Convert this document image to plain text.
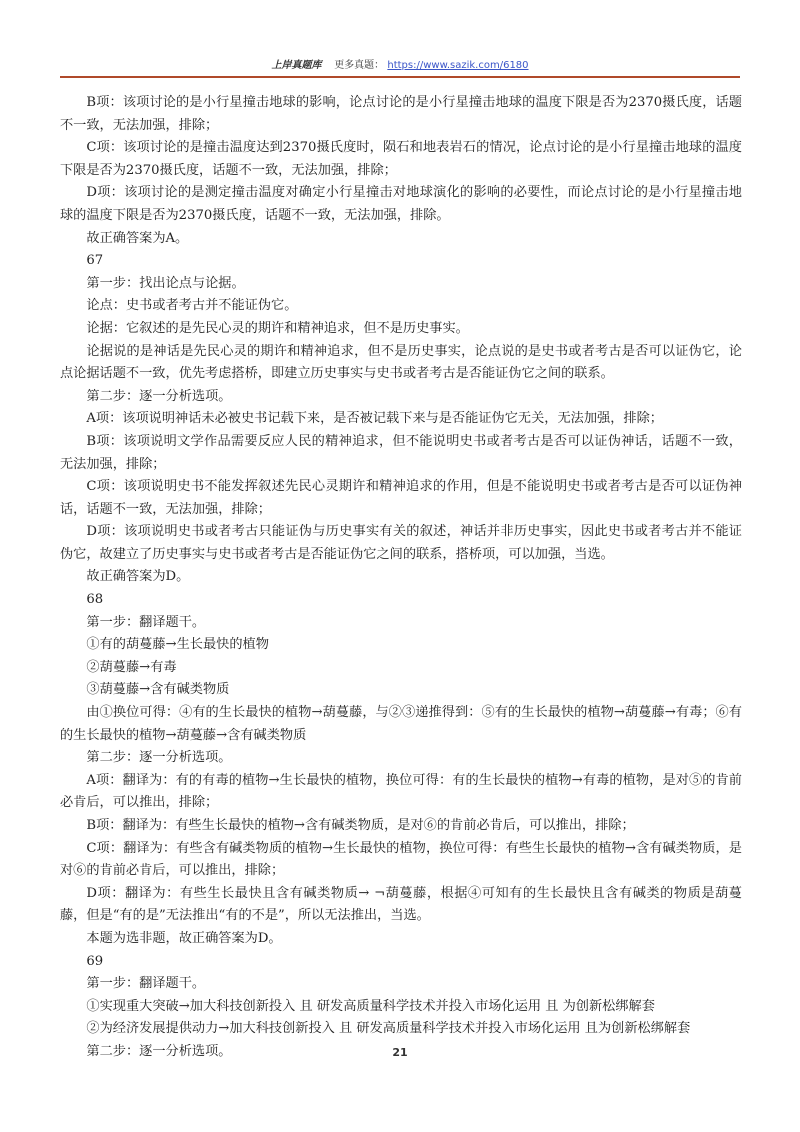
上岸真题库 更多真题： https://www.sazik.com/6180

B项：该项讨论的是小行星撞击地球的影响，论点讨论的是小行星撞击地球的温度下限是否为2370摄氏度，话题不一致，无法加强，排除；

C项：该项讨论的是撞击温度达到2370摄氏度时，陨石和地表岩石的情况，论点讨论的是小行星撞击地球的温度下限是否为2370摄氏度，话题不一致，无法加强，排除；

D项：该项讨论的是测定撞击温度对确定小行星撞击对地球演化的影响的必要性，而论点讨论的是小行星撞击地球的温度下限是否为2370摄氏度，话题不一致，无法加强，排除。

故正确答案为A。

67

第一步：找出论点与论据。

论点：史书或者考古并不能证伪它。

论据：它叙述的是先民心灵的期许和精神追求，但不是历史事实。

论据说的是神话是先民心灵的期许和精神追求，但不是历史事实，论点说的是史书或者考古是否可以证伪它，论点论据话题不一致，优先考虑搭桥，即建立历史事实与史书或者考古是否能证伪它之间的联系。

第二步：逐一分析选项。

A项：该项说明神话未必被史书记载下来，是否被记载下来与是否能证伪它无关，无法加强，排除；

B项：该项说明文学作品需要反应人民的精神追求，但不能说明史书或者考古是否可以证伪神话，话题不一致，无法加强，排除；

C项：该项说明史书不能发挥叙述先民心灵期许和精神追求的作用，但是不能说明史书或者考古是否可以证伪神话，话题不一致，无法加强，排除；

D项：该项说明史书或者考古只能证伪与历史事实有关的叙述，神话并非历史事实，因此史书或者考古并不能证伪它，故建立了历史事实与史书或者考古是否能证伪它之间的联系，搭桥项，可以加强，当选。

故正确答案为D。

68

第一步：翻译题干。

①有的葫蔓藤→生长最快的植物

②葫蔓藤→有毒

③葫蔓藤→含有碱类物质

由①换位可得：④有的生长最快的植物→葫蔓藤，与②③递推得到：⑤有的生长最快的植物→葫蔓藤→有毒；⑥有的生长最快的植物→葫蔓藤→含有碱类物质

第二步：逐一分析选项。

A项：翻译为：有的有毒的植物→生长最快的植物，换位可得：有的生长最快的植物→有毒的植物，是对⑤的肯前必肯后，可以推出，排除；

B项：翻译为：有些生长最快的植物→含有碱类物质，是对⑥的肯前必肯后，可以推出，排除；

C项：翻译为：有些含有碱类物质的植物→生长最快的植物，换位可得：有些生长最快的植物→含有碱类物质，是对⑥的肯前必肯后，可以推出，排除；

D项：翻译为：有些生长最快且含有碱类物质→ ¬葫蔓藤，根据④可知有的生长最快且含有碱类的物质是葫蔓藤，但是“有的是”无法推出“有的不是”，所以无法推出，当选。

本题为选非题，故正确答案为D。

69

第一步：翻译题干。

①实现重大突破→加大科技创新投入 且 研发高质量科学技术并投入市场化运用 且 为创新松绑解套

②为经济发展提供动力→加大科技创新投入 且 研发高质量科学技术并投入市场化运用 且为创新松绑解套

第二步：逐一分析选项。	21
